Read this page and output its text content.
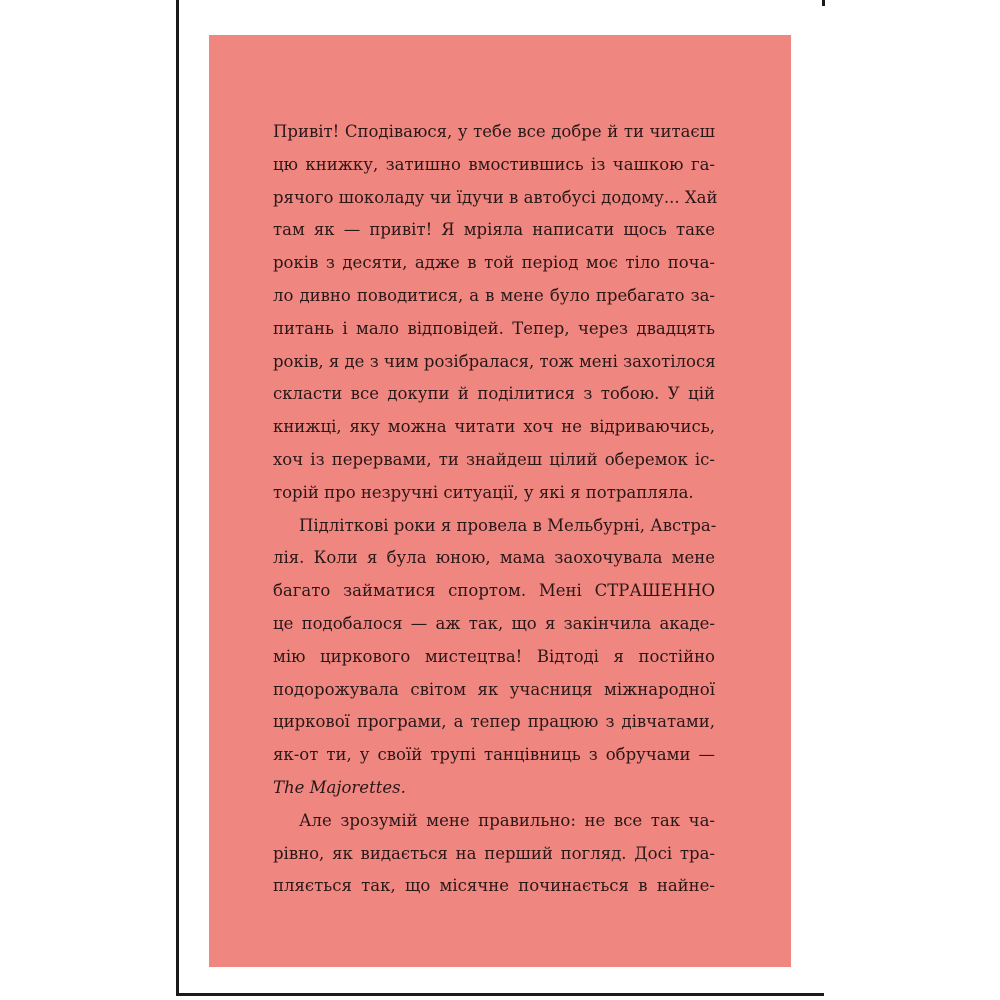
Привіт! Сподіваюся, у тебе все добре й ти читаєш
цю книжку, затишно вмостившись із чашкою га-
рячого шоколаду чи їдучи в автобусі додому... Хай
там як — привіт! Я мріяла написати щось таке
років з десяти, адже в той період моє тіло поча-
ло дивно поводитися, а в мене було пребагато за-
питань і мало відповідей. Тепер, через двадцять
років, я де з чим розібралася, тож мені захотілося
скласти все докупи й поділитися з тобою. У цій
книжці, яку можна читати хоч не відриваючись,
хоч із перервами, ти знайдеш цілий оберемок іс-
торій про незручні ситуації, у які я потрапляла.
Підліткові роки я провела в Мельбурні, Австра-
лія. Коли я була юною, мама заохочувала мене
багато займатися спортом. Мені СТРАШЕННО
це подобалося — аж так, що я закінчила акаде-
мію циркового мистецтва! Відтоді я постійно
подорожувала світом як учасниця міжнародної
циркової програми, а тепер працюю з дівчатами,
як-от ти, у своїй трупі танцівниць з обручами —
The Majorettes.
Але зрозумій мене правильно: не все так ча-
рівно, як видається на перший погляд. Досі тра-
пляється так, що місячне починається в найне-
